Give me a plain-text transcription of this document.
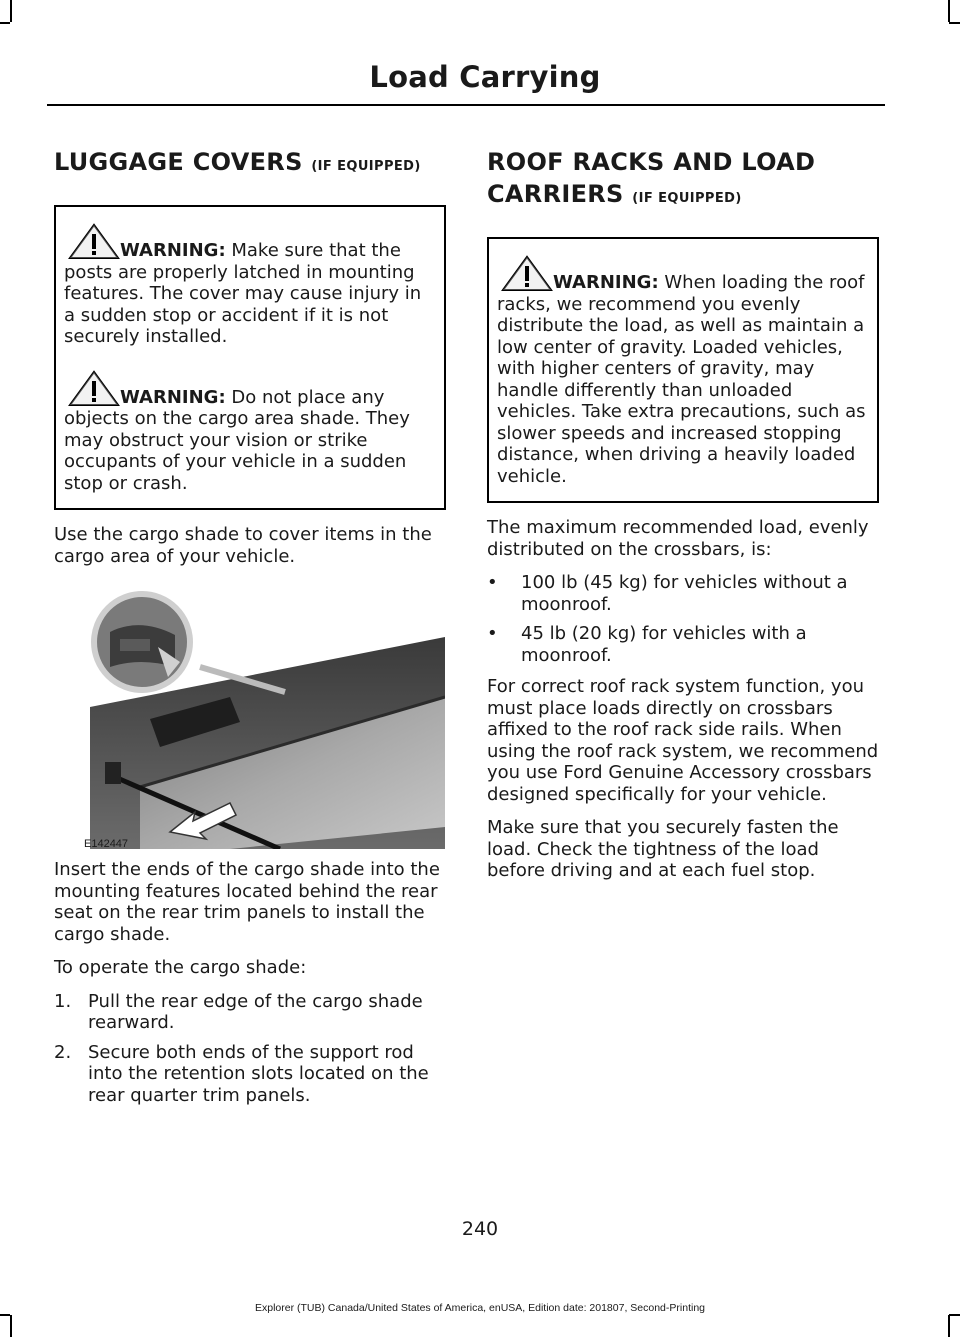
Load Carrying
LUGGAGE COVERS (IF EQUIPPED)

WARNING: Make sure that the posts are properly latched in mounting features. The cover may cause injury in a sudden stop or accident if it is not securely installed.

WARNING: Do not place any objects on the cargo area shade. They may obstruct your vision or strike occupants of your vehicle in a sudden stop or crash.

Use the cargo shade to cover items in the cargo area of your vehicle.

E142447

Insert the ends of the cargo shade into the mounting features located behind the rear seat on the rear trim panels to install the cargo shade.

To operate the cargo shade:

1. Pull the rear edge of the cargo shade rearward.
2. Secure both ends of the support rod into the retention slots located on the rear quarter trim panels.
ROOF RACKS AND LOAD
CARRIERS (IF EQUIPPED)

WARNING: When loading the roof racks, we recommend you evenly distribute the load, as well as maintain a low center of gravity. Loaded vehicles, with higher centers of gravity, may handle differently than unloaded vehicles. Take extra precautions, such as slower speeds and increased stopping distance, when driving a heavily loaded vehicle.

The maximum recommended load, evenly distributed on the crossbars, is:

• 100 lb (45 kg) for vehicles without a moonroof.
• 45 lb (20 kg) for vehicles with a moonroof.

For correct roof rack system function, you must place loads directly on crossbars affixed to the roof rack side rails. When using the roof rack system, we recommend you use Ford Genuine Accessory crossbars designed specifically for your vehicle.

Make sure that you securely fasten the load. Check the tightness of the load before driving and at each fuel stop.

240
Explorer (TUB) Canada/United States of America, enUSA, Edition date: 201807, Second-Printing
